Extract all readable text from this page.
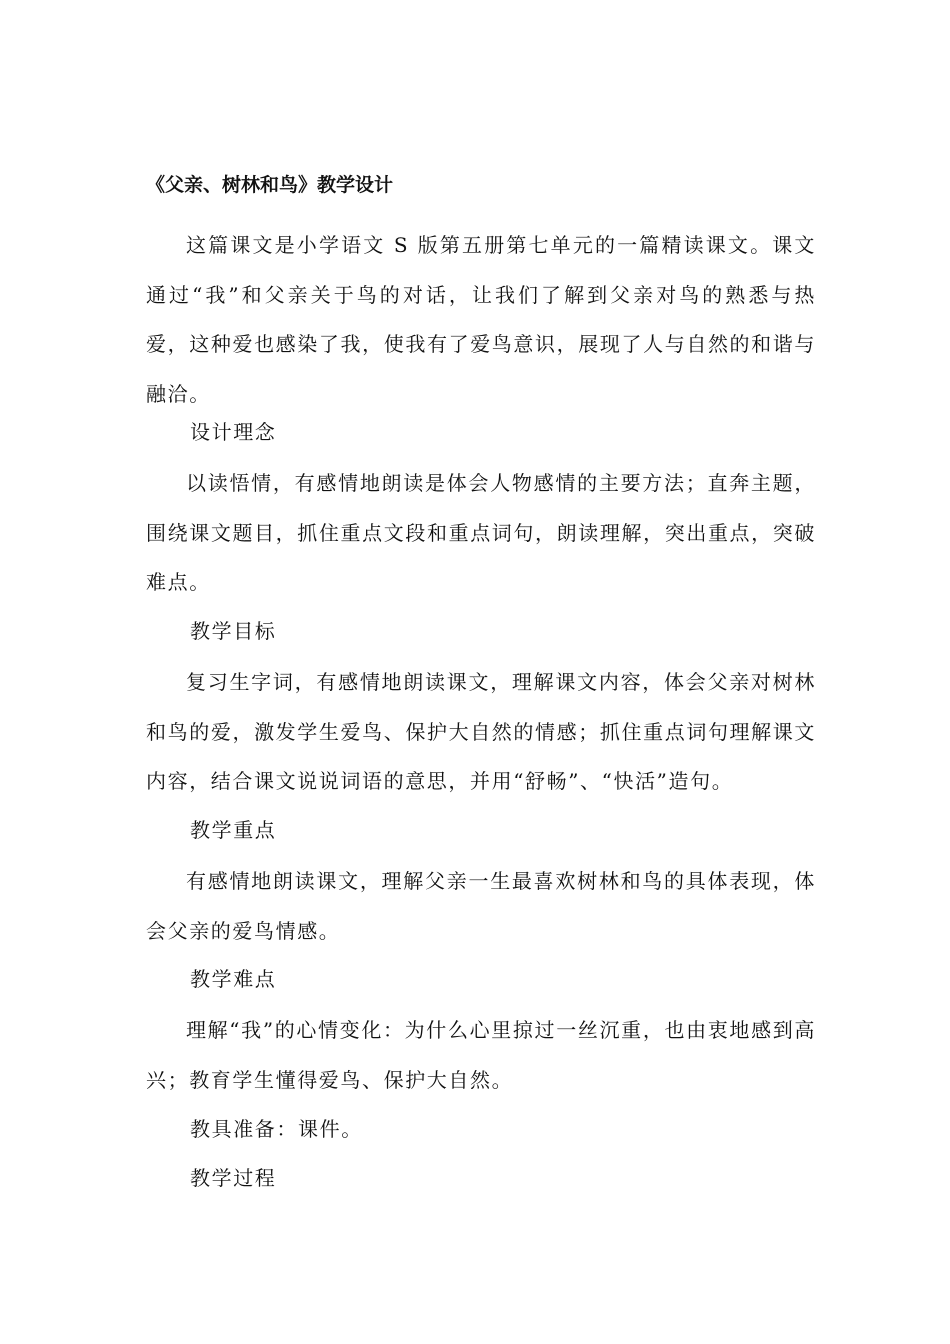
《父亲、树林和鸟》教学设计

这篇课文是小学语文 S 版第五册第七单元的一篇精读课文。课文通过“我”和父亲关于鸟的对话，让我们了解到父亲对鸟的熟悉与热爱，这种爱也感染了我，使我有了爱鸟意识，展现了人与自然的和谐与融洽。

设计理念

以读悟情，有感情地朗读是体会人物感情的主要方法；直奔主题，围绕课文题目，抓住重点文段和重点词句，朗读理解，突出重点，突破难点。

教学目标

复习生字词，有感情地朗读课文，理解课文内容，体会父亲对树林和鸟的爱，激发学生爱鸟、保护大自然的情感；抓住重点词句理解课文内容，结合课文说说词语的意思，并用“舒畅”、“快活”造句。

教学重点

有感情地朗读课文，理解父亲一生最喜欢树林和鸟的具体表现，体会父亲的爱鸟情感。

教学难点

理解“我”的心情变化：为什么心里掠过一丝沉重，也由衷地感到高兴；教育学生懂得爱鸟、保护大自然。

教具准备：课件。
教学过程
